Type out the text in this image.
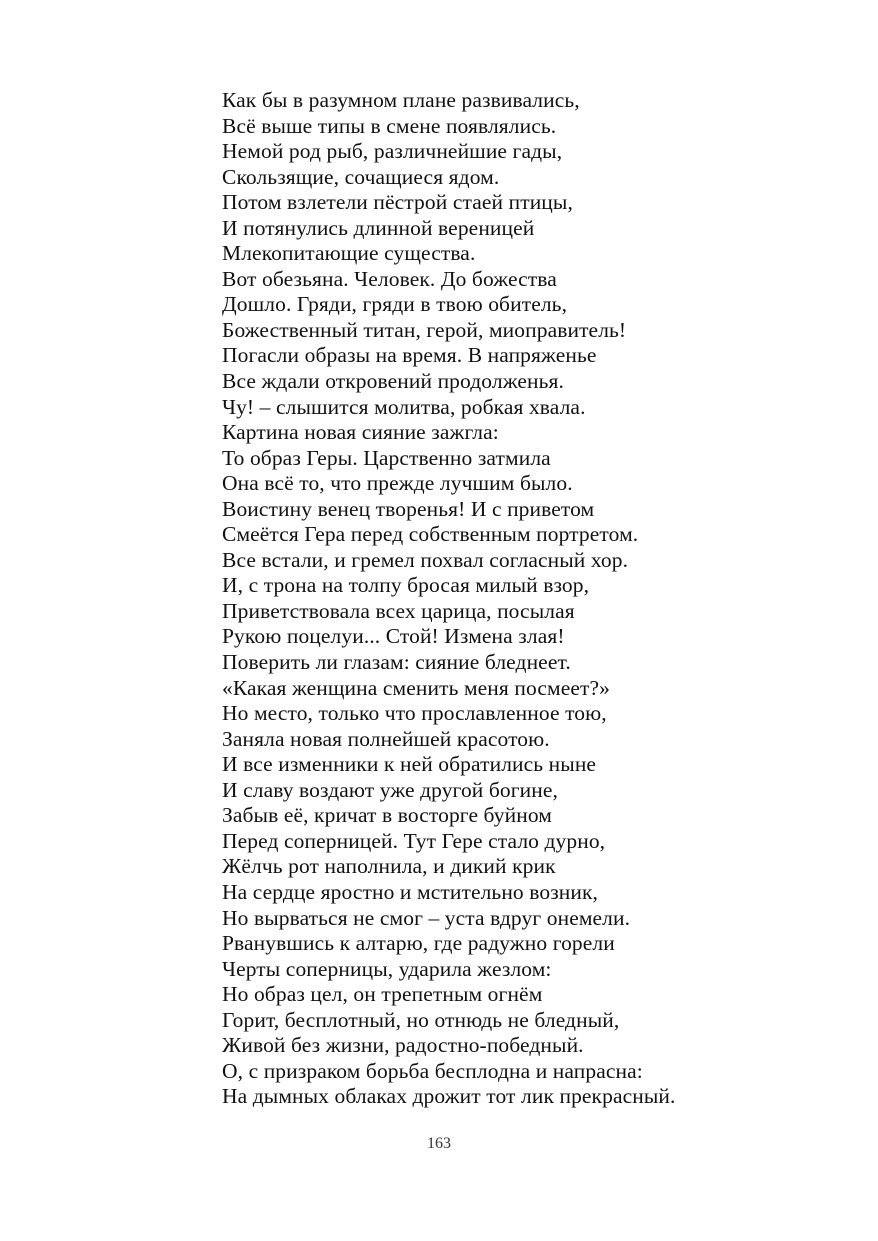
Как бы в разумном плане развивались,
Всё выше типы в смене появлялись.
Немой род рыб, различнейшие гады,
Скользящие, сочащиеся ядом.
Потом взлетели пёстрой стаей птицы,
И потянулись длинной вереницей
Млекопитающие существа.
Вот обезьяна. Человек. До божества
Дошло. Гряди, гряди в твою обитель,
Божественный титан, герой, миоправитель!
Погасли образы на время. В напряженье
Все ждали откровений продолженья.
Чу! – слышится молитва, робкая хвала.
Картина новая сияние зажгла:
То образ Геры. Царственно затмила
Она всё то, что прежде лучшим было.
Воистину венец творенья! И с приветом
Смеётся Гера перед собственным портретом.
Все встали, и гремел похвал согласный хор.
И, с трона на толпу бросая милый взор,
Приветствовала всех царица, посылая
Рукою поцелуи... Стой! Измена злая!
Поверить ли глазам: сияние бледнеет.
«Какая женщина сменить меня посмеет?»
Но место, только что прославленное тою,
Заняла новая полнейшей красотою.
И все изменники к ней обратились ныне
И славу воздают уже другой богине,
Забыв её, кричат в восторге буйном
Перед соперницей. Тут Гере стало дурно,
Жёлчь рот наполнила, и дикий крик
На сердце яростно и мстительно возник,
Но вырваться не смог – уста вдруг онемели.
Рванувшись к алтарю, где радужно горели
Черты соперницы, ударила жезлом:
Но образ цел, он трепетным огнём
Горит, бесплотный, но отнюдь не бледный,
Живой без жизни, радостно-победный.
О, с призраком борьба бесплодна и напрасна:
На дымных облаках дрожит тот лик прекрасный.
163
